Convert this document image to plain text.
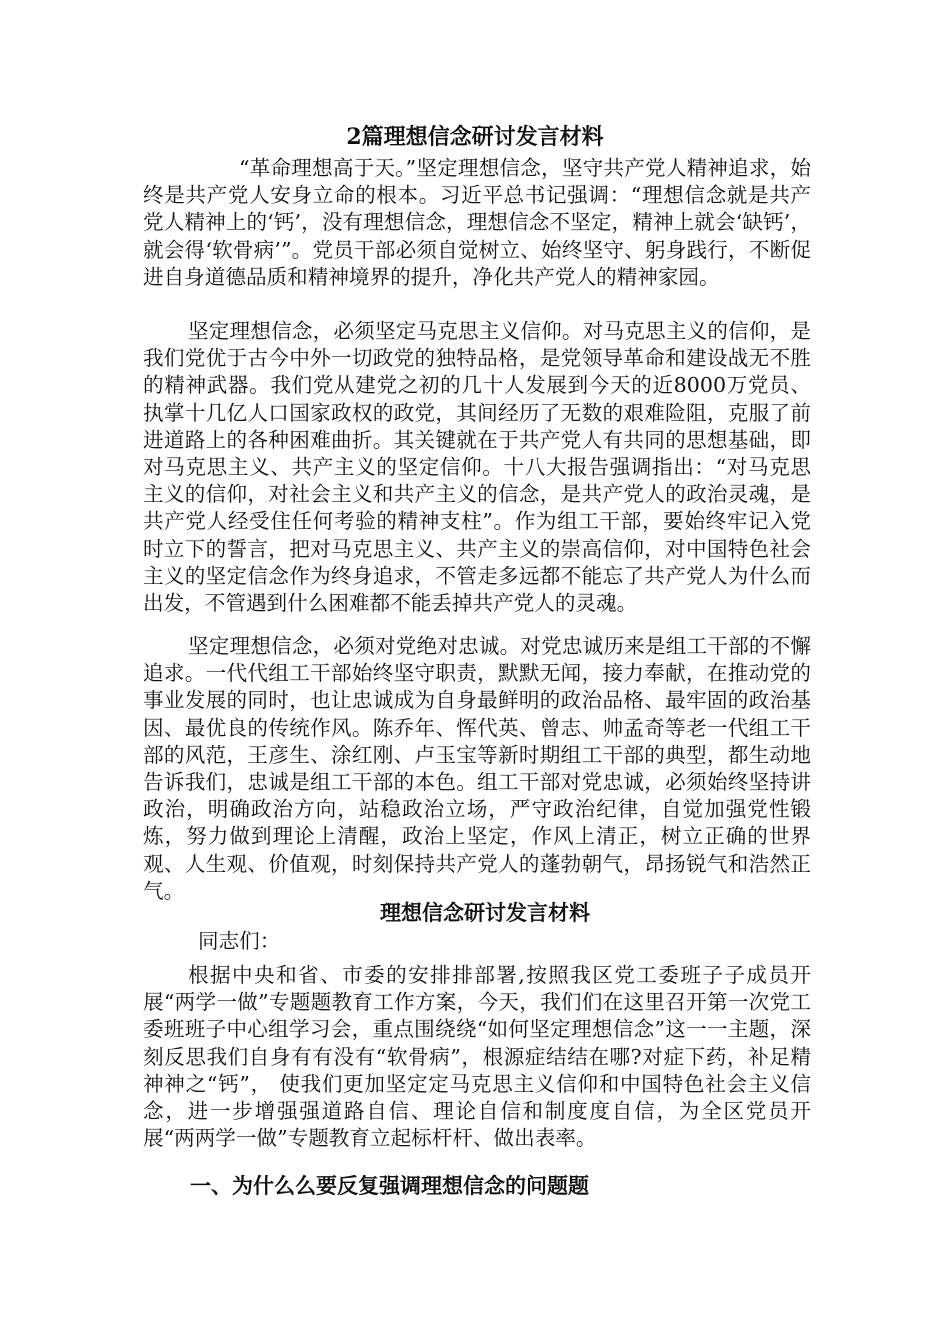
2篇理想信念研讨发言材料
“革命理想高于天。”坚定理想信念，坚守共产党人精神追求，始终是共产党人安身立命的根本。习近平总书记强调：“理想信念就是共产党人精神上的‘钙’，没有理想信念，理想信念不坚定，精神上就会‘缺钙’，就会得‘软骨病’”。党员干部必须自觉树立、始终坚守、躬身践行，不断促进自身道德品质和精神境界的提升，净化共产党人的精神家园。
坚定理想信念，必须坚定马克思主义信仰。对马克思主义的信仰，是我们党优于古今中外一切政党的独特品格，是党领导革命和建设战无不胜的精神武器。我们党从建党之初的几十人发展到今天的近8000万党员、执掌十几亿人口国家政权的政党，其间经历了无数的艰难险阻，克服了前进道路上的各种困难曲折。其关键就在于共产党人有共同的思想基础，即对马克思主义、共产主义的坚定信仰。十八大报告强调指出：“对马克思主义的信仰，对社会主义和共产主义的信念，是共产党人的政治灵魂，是共产党人经受住任何考验的精神支柱”。作为组工干部，要始终牢记入党时立下的誓言，把对马克思主义、共产主义的崇高信仰，对中国特色社会主义的坚定信念作为终身追求，不管走多远都不能忘了共产党人为什么而出发，不管遇到什么困难都不能丢掉共产党人的灵魂。
坚定理想信念，必须对党绝对忠诚。对党忠诚历来是组工干部的不懈追求。一代代组工干部始终坚守职责，默默无闻，接力奉献，在推动党的事业发展的同时，也让忠诚成为自身最鲜明的政治品格、最牢固的政治基因、最优良的传统作风。陈乔年、恽代英、曾志、帅孟奇等老一代组工干部的风范，王彦生、涂红刚、卢玉宝等新时期组工干部的典型，都生动地告诉我们，忠诚是组工干部的本色。组工干部对党忠诚，必须始终坚持讲政治，明确政治方向，站稳政治立场，严守政治纪律，自觉加强党性锻炼，努力做到理论上清醒，政治上坚定，作风上清正，树立正确的世界观、人生观、价值观，时刻保持共产党人的蓬勃朝气，昂扬锐气和浩然正气。
理想信念研讨发言材料
同志们：
根据中央和省、市委的安排排部署,按照我区党工委班子子成员开展“两学一做”专题题教育工作方案，今天，我们们在这里召开第一次党工委班班子中心组学习会，重点围绕绕“如何坚定理想信念”这一一主题，深刻反思我们自身有有没有“软骨病”，根源症结结在哪?对症下药，补足精神神之“钙”， 使我们更加坚定定马克思主义信仰和中国特色社会主义信念，进一步增强强道路自信、理论自信和制度度自信，为全区党员开展“两两学一做”专题教育立起标杆杆、做出表率。
一、为什么么要反复强调理想信念的问题题
